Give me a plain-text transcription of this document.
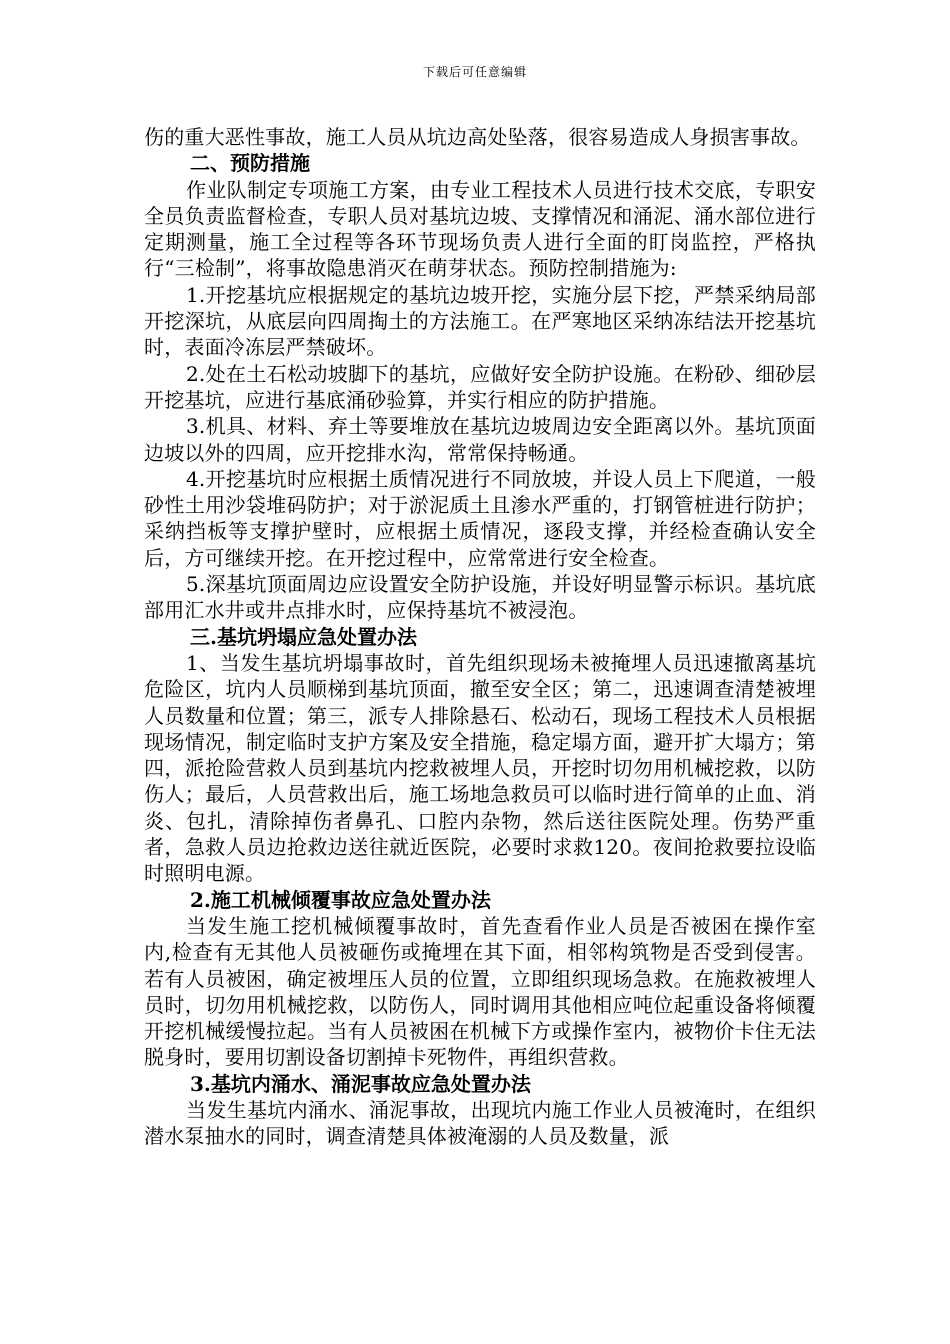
下载后可任意编辑

伤的重大恶性事故，施工人员从坑边高处坠落，很容易造成人身损害事故。

二、预防措施

作业队制定专项施工方案，由专业工程技术人员进行技术交底，专职安全员负责监督检查，专职人员对基坑边坡、支撑情况和涌泥、涌水部位进行定期测量，施工全过程等各环节现场负责人进行全面的盯岗监控，严格执行“三检制”，将事故隐患消灭在萌芽状态。预防控制措施为:

1.开挖基坑应根据规定的基坑边坡开挖，实施分层下挖，严禁采纳局部开挖深坑，从底层向四周掏土的方法施工。在严寒地区采纳冻结法开挖基坑时，表面冷冻层严禁破坏。

2.处在土石松动坡脚下的基坑，应做好安全防护设施。在粉砂、细砂层开挖基坑，应进行基底涌砂验算，并实行相应的防护措施。

3.机具、材料、弃土等要堆放在基坑边坡周边安全距离以外。基坑顶面边坡以外的四周，应开挖排水沟，常常保持畅通。

4.开挖基坑时应根据土质情况进行不同放坡，并设人员上下爬道，一般砂性土用沙袋堆码防护；对于淤泥质土且渗水严重的，打钢管桩进行防护；采纳挡板等支撑护壁时，应根据土质情况，逐段支撑，并经检查确认安全后，方可继续开挖。在开挖过程中，应常常进行安全检查。

5.深基坑顶面周边应设置安全防护设施，并设好明显警示标识。基坑底部用汇水井或井点排水时，应保持基坑不被浸泡。

三.基坑坍塌应急处置办法

1、当发生基坑坍塌事故时，首先组织现场未被掩埋人员迅速撤离基坑危险区，坑内人员顺梯到基坑顶面，撤至安全区；第二，迅速调查清楚被埋人员数量和位置；第三，派专人排除悬石、松动石，现场工程技术人员根据现场情况，制定临时支护方案及安全措施，稳定塌方面，避开扩大塌方；第四，派抢险营救人员到基坑内挖救被埋人员，开挖时切勿用机械挖救，以防伤人；最后，人员营救出后，施工场地急救员可以临时进行简单的止血、消炎、包扎，清除掉伤者鼻孔、口腔内杂物，然后送往医院处理。伤势严重者，急救人员边抢救边送往就近医院，必要时求救120。夜间抢救要拉设临时照明电源。

2.施工机械倾覆事故应急处置办法

当发生施工挖机械倾覆事故时，首先查看作业人员是否被困在操作室内,检查有无其他人员被砸伤或掩埋在其下面，相邻构筑物是否受到侵害。若有人员被困，确定被埋压人员的位置，立即组织现场急救。在施救被埋人员时，切勿用机械挖救，以防伤人，同时调用其他相应吨位起重设备将倾覆开挖机械缓慢拉起。当有人员被困在机械下方或操作室内，被物价卡住无法脱身时，要用切割设备切割掉卡死物件，再组织营救。

3.基坑内涌水、涌泥事故应急处置办法

当发生基坑内涌水、涌泥事故，出现坑内施工作业人员被淹时，在组织潜水泵抽水的同时，调查清楚具体被淹溺的人员及数量，派
